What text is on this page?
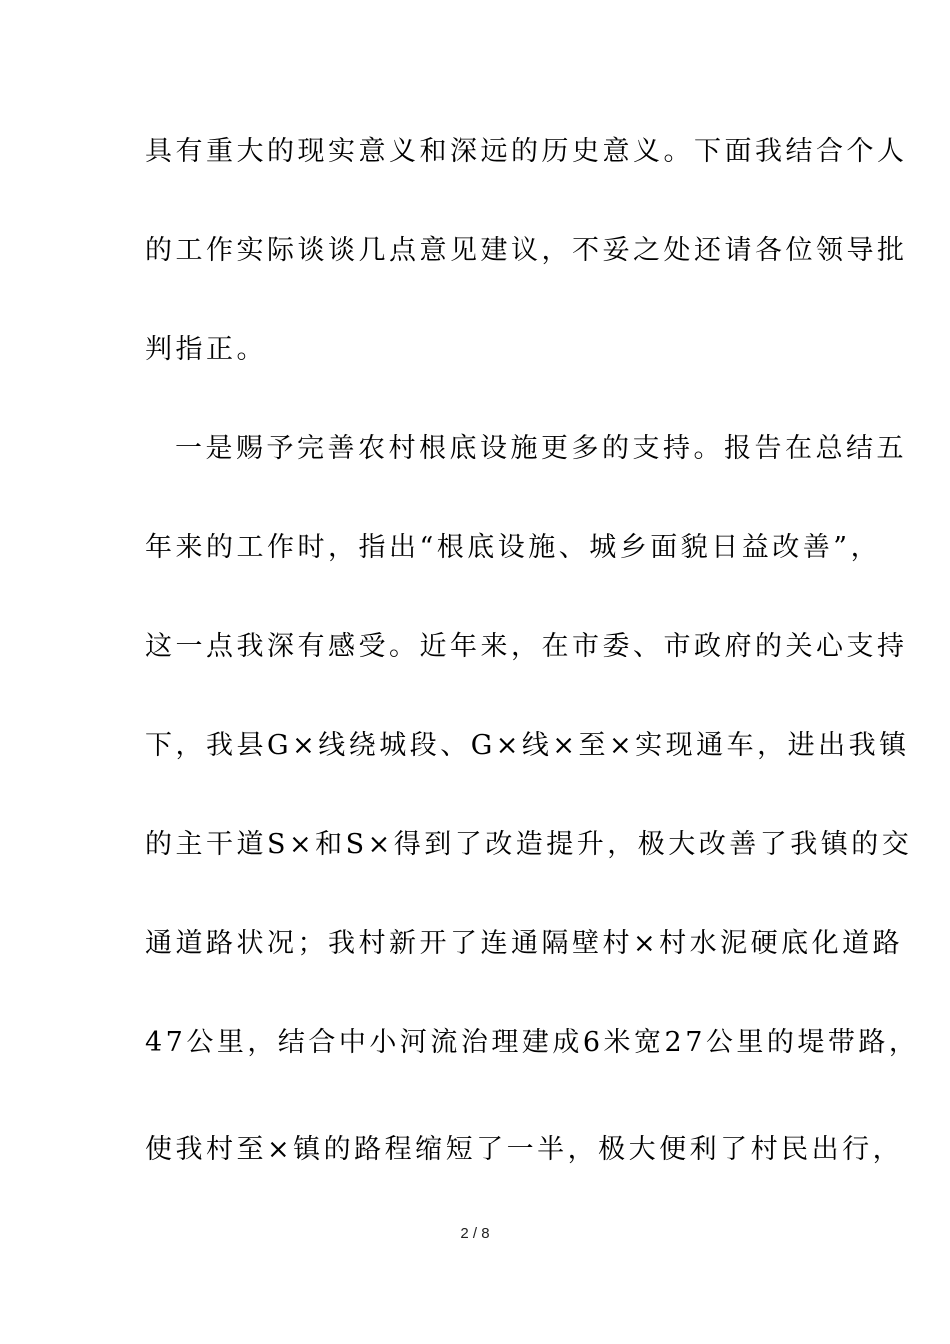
具有重大的现实意义和深远的历史意义。下面我结合个人
的工作实际谈谈几点意见建议，不妥之处还请各位领导批
判指正。
一是赐予完善农村根底设施更多的支持。报告在总结五
年来的工作时，指出“根底设施、城乡面貌日益改善”，
这一点我深有感受。近年来，在市委、市政府的关心支持
下，我县G×线绕城段、G×线×至×实现通车，进出我镇
的主干道S×和S×得到了改造提升，极大改善了我镇的交
通道路状况；我村新开了连通隔壁村×村水泥硬底化道路
47公里，结合中小河流治理建成6米宽27公里的堤带路，
使我村至×镇的路程缩短了一半，极大便利了村民出行，
2 / 8
